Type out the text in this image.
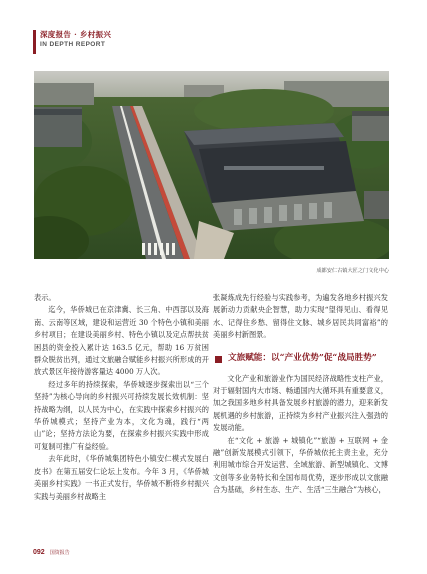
深度报告 · 乡村振兴
IN DEPTH REPORT
成都安仁古镇大匠之门文化中心

表示。

迄今，华侨城已在京津冀、长三角、中西部以及海南、云南等区域，建设和运营近 30 个特色小镇和美丽乡村项目；在建设美丽乡村、特色小镇以及定点帮扶贫困县的资金投入累计达 163.5 亿元，帮助 16 万贫困群众脱贫出列，通过文旅融合赋能乡村振兴所形成的开放式景区年接待游客量达 4000 万人次。

经过多年的持续探索，华侨城逐步探索出以“三个坚持”为核心导向的乡村振兴可持续发展长效机制：坚持战略为纲，以人民为中心，在实践中探索乡村振兴的华侨城模式；坚持产业为本，文化为魂，践行“两山”论；坚持方法论为要，在探索乡村振兴实践中形成可复制可推广有益经验。

去年此时，《华侨城集团特色小镇安仁模式发展白皮书》在第五届安仁论坛上发布。今年 3 月，《华侨城美丽乡村实践》一书正式发行，华侨城不断将乡村振兴实践与美丽乡村战略主

张凝炼成先行经验与实践参考，为遍发各地乡村振兴发展新动力贡献央企智慧，助力实现“望得见山、看得见水、记得住乡愁、留得住文脉、城乡居民共同富裕”的美丽乡村新图景。

文旅赋能：以“产业优势”促“战局胜势”

文化产业和旅游业作为国民经济战略性支柱产业，对于辐射国内大市场、畅通国内大循环具有重要意义，加之我国多地乡村具备发展乡村旅游的潜力，迎来新发展机遇的乡村旅游，正持续为乡村产业振兴注入强劲的发展动能。

在“文化 + 旅游 + 城镇化”“旅游 + 互联网 + 金融”创新发展模式引领下，华侨城依托主责主业，充分利用城市综合开发运营、全域旅游、新型城镇化、文博文创等多业务特长和全国布局优势，逐步形成以文旅融合为基础，乡村生态、生产、生活“三生融合”为核心，

092 国资报告
